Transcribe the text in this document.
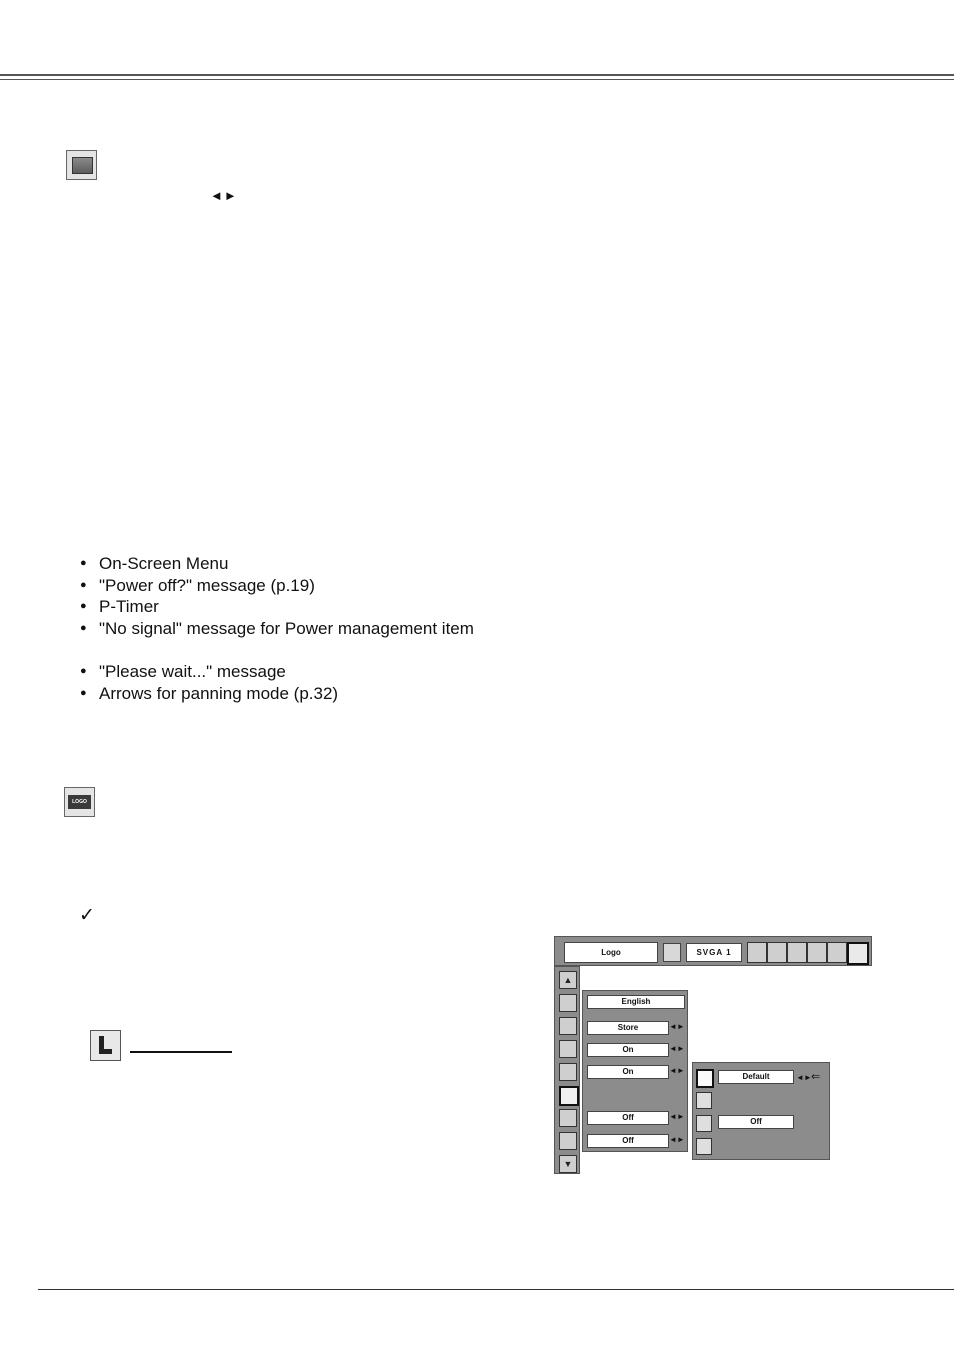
◄►
● On-Screen Menu
● "Power off?" message (p.19)
● P-Timer
● "No signal" message for Power management item
● "Please wait..." message
● Arrows for panning mode (p.32)
LOGO
✓
Logo	SVGA 1
▲
▼
English
Store	◄►
On	◄►
On	◄►
Off	◄►
Off	◄►
Default	◄► ⇐
Off
